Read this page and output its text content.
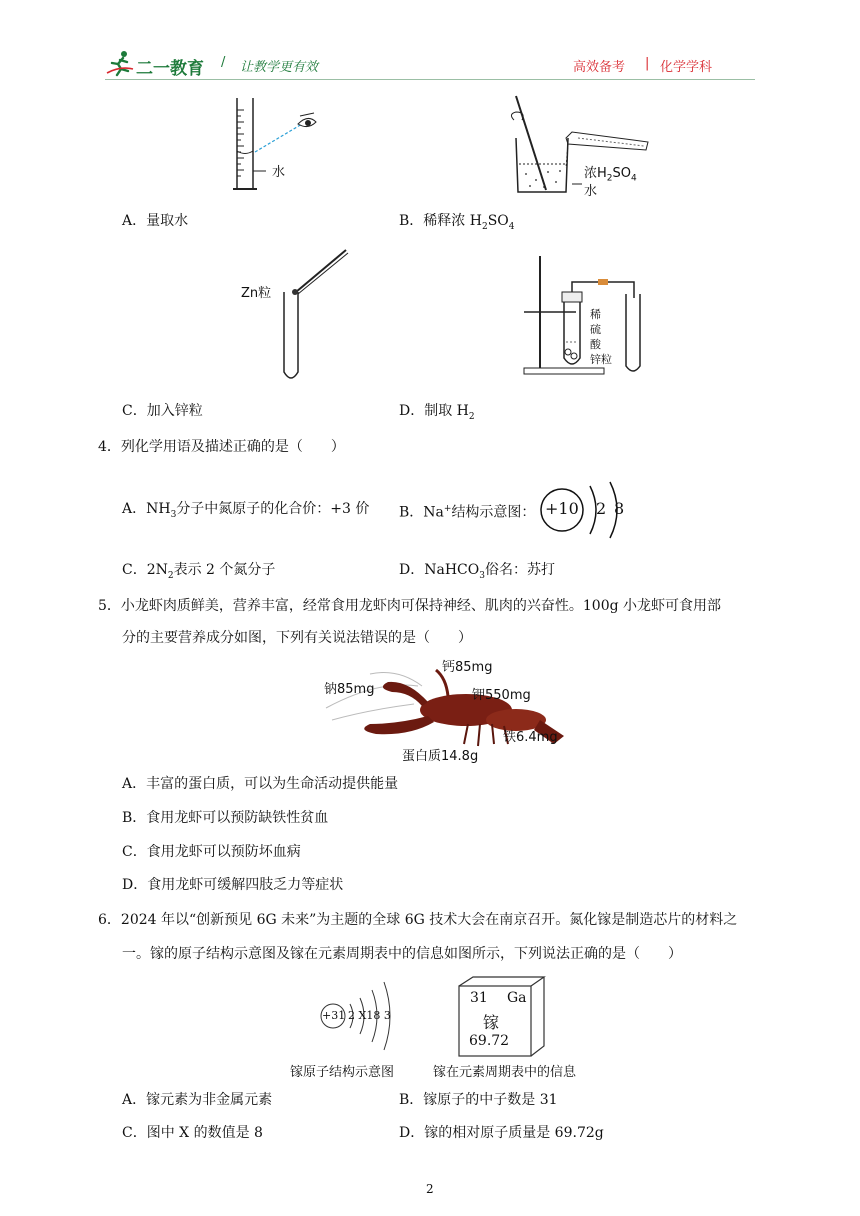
二一教育 / 让教学更有效	高效备考 | 化学学科
水	浓$H_2SO_4$
水
A．量取水	B．稀释浓 $H_2SO_4$
Zn粒
稀
硫
酸
锌粒
C．加入锌粒	D．制取 $H_2$
4．列化学用语及描述正确的是（　　）
A．$NH_3$分子中氮原子的化合价：+3 价 B．Na+结构示意图： +10 2 8
C．$2N_2$表示 2 个氮分子	D．NaHCO$_3$俗名：苏打
5．小龙虾肉质鲜美，营养丰富，经常食用龙虾肉可保持神经、肌肉的兴奋性。100g 小龙虾可食用部
分的主要营养成分如图，下列有关说法错误的是（　　）
钙85mg
钠85mg	钾550mg
铁6.4mg
蛋白质14.8g
A．丰富的蛋白质，可以为生命活动提供能量
B．食用龙虾可以预防缺铁性贫血
C．食用龙虾可以预防坏血病
D．食用龙虾可缓解四肢乏力等症状
6．2024 年以“创新预见 6G 未来”为主题的全球 6G 技术大会在南京召开。氮化镓是制造芯片的材料之
一。镓的原子结构示意图及镓在元素周期表中的信息如图所示，下列说法正确的是（　　）
+31 2 X18 3
31 Ga
镓
69.72
镓原子结构示意图	镓在元素周期表中的信息
A．镓元素为非金属元素	B．镓原子的中子数是 31
C．图中 X 的数值是 8	D．镓的相对原子质量是 69.72g
2
